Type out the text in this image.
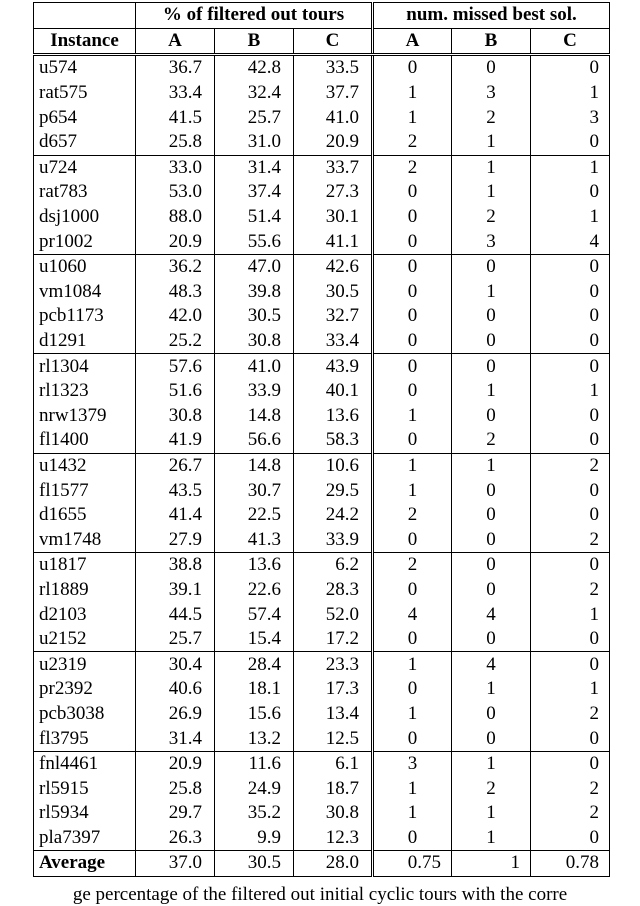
	% of filtered out tours			num. missed best sol.		
Instance	A	B	C	A	B	C
u574	36.7	42.8	33.5	0	0	0
rat575	33.4	32.4	37.7	1	3	1
p654	41.5	25.7	41.0	1	2	3
d657	25.8	31.0	20.9	2	1	0
u724	33.0	31.4	33.7	2	1	1
rat783	53.0	37.4	27.3	0	1	0
dsj1000	88.0	51.4	30.1	0	2	1
pr1002	20.9	55.6	41.1	0	3	4
u1060	36.2	47.0	42.6	0	0	0
vm1084	48.3	39.8	30.5	0	1	0
pcb1173	42.0	30.5	32.7	0	0	0
d1291	25.2	30.8	33.4	0	0	0
rl1304	57.6	41.0	43.9	0	0	0
rl1323	51.6	33.9	40.1	0	1	1
nrw1379	30.8	14.8	13.6	1	0	0
fl1400	41.9	56.6	58.3	0	2	0
u1432	26.7	14.8	10.6	1	1	2
fl1577	43.5	30.7	29.5	1	0	0
d1655	41.4	22.5	24.2	2	0	0
vm1748	27.9	41.3	33.9	0	0	2
u1817	38.8	13.6	6.2	2	0	0
rl1889	39.1	22.6	28.3	0	0	2
d2103	44.5	57.4	52.0	4	4	1
u2152	25.7	15.4	17.2	0	0	0
u2319	30.4	28.4	23.3	1	4	0
pr2392	40.6	18.1	17.3	0	1	1
pcb3038	26.9	15.6	13.4	1	0	2
fl3795	31.4	13.2	12.5	0	0	0
fnl4461	20.9	11.6	6.1	3	1	0
rl5915	25.8	24.9	18.7	1	2	2
rl5934	29.7	35.2	30.8	1	1	2
pla7397	26.3	9.9	12.3	0	1	0
Average	37.0	30.5	28.0	0.75	1	0.78
ge percentage of the filtered out initial cyclic tours with the corre
